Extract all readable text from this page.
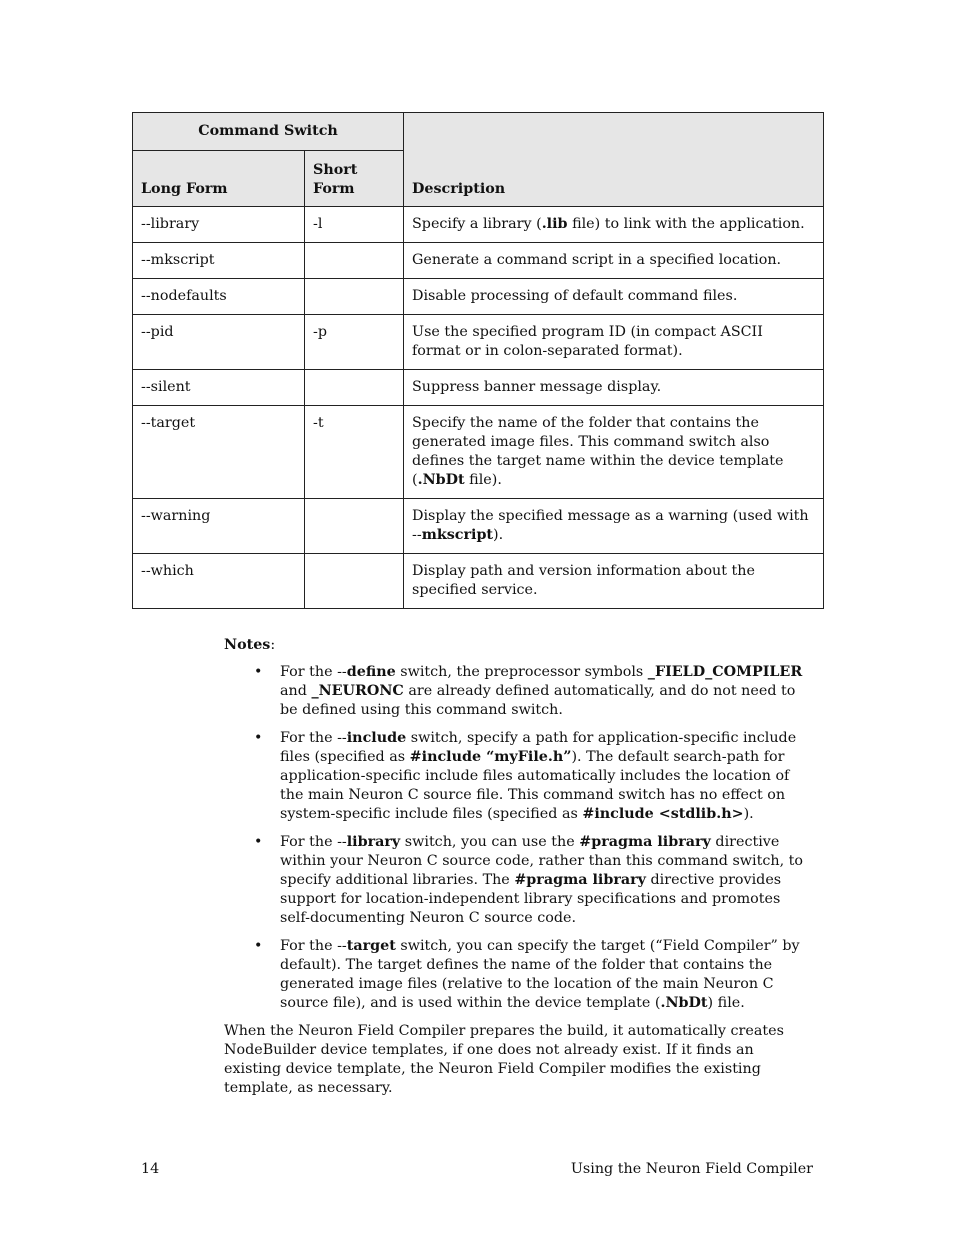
Command Switch		Description
Long Form	Short Form	
--library	-l	Specify a library (.lib file) to link with the application.
--mkscript		Generate a command script in a specified location.
--nodefaults		Disable processing of default command files.
--pid	-p	Use the specified program ID (in compact ASCII format or in colon-separated format).
--silent		Suppress banner message display.
--target	-t	Specify the name of the folder that contains the generated image files. This command switch also defines the target name within the device template (.NbDt file).
--warning		Display the specified message as a warning (used with --mkscript).
--which		Display path and version information about the specified service.
Notes:
• For the --define switch, the preprocessor symbols _FIELD_COMPILER and _NEURONC are already defined automatically, and do not need to be defined using this command switch.
• For the --include switch, specify a path for application-specific include files (specified as #include “myFile.h”). The default search-path for application-specific include files automatically includes the location of the main Neuron C source file. This command switch has no effect on system-specific include files (specified as #include <stdlib.h>).
• For the --library switch, you can use the #pragma library directive within your Neuron C source code, rather than this command switch, to specify additional libraries. The #pragma library directive provides support for location-independent library specifications and promotes self-documenting Neuron C source code.
• For the --target switch, you can specify the target (“Field Compiler” by default). The target defines the name of the folder that contains the generated image files (relative to the location of the main Neuron C source file), and is used within the device template (.NbDt) file.

When the Neuron Field Compiler prepares the build, it automatically creates NodeBuilder device templates, if one does not already exist. If it finds an existing device template, the Neuron Field Compiler modifies the existing template, as necessary.

14	Using the Neuron Field Compiler
